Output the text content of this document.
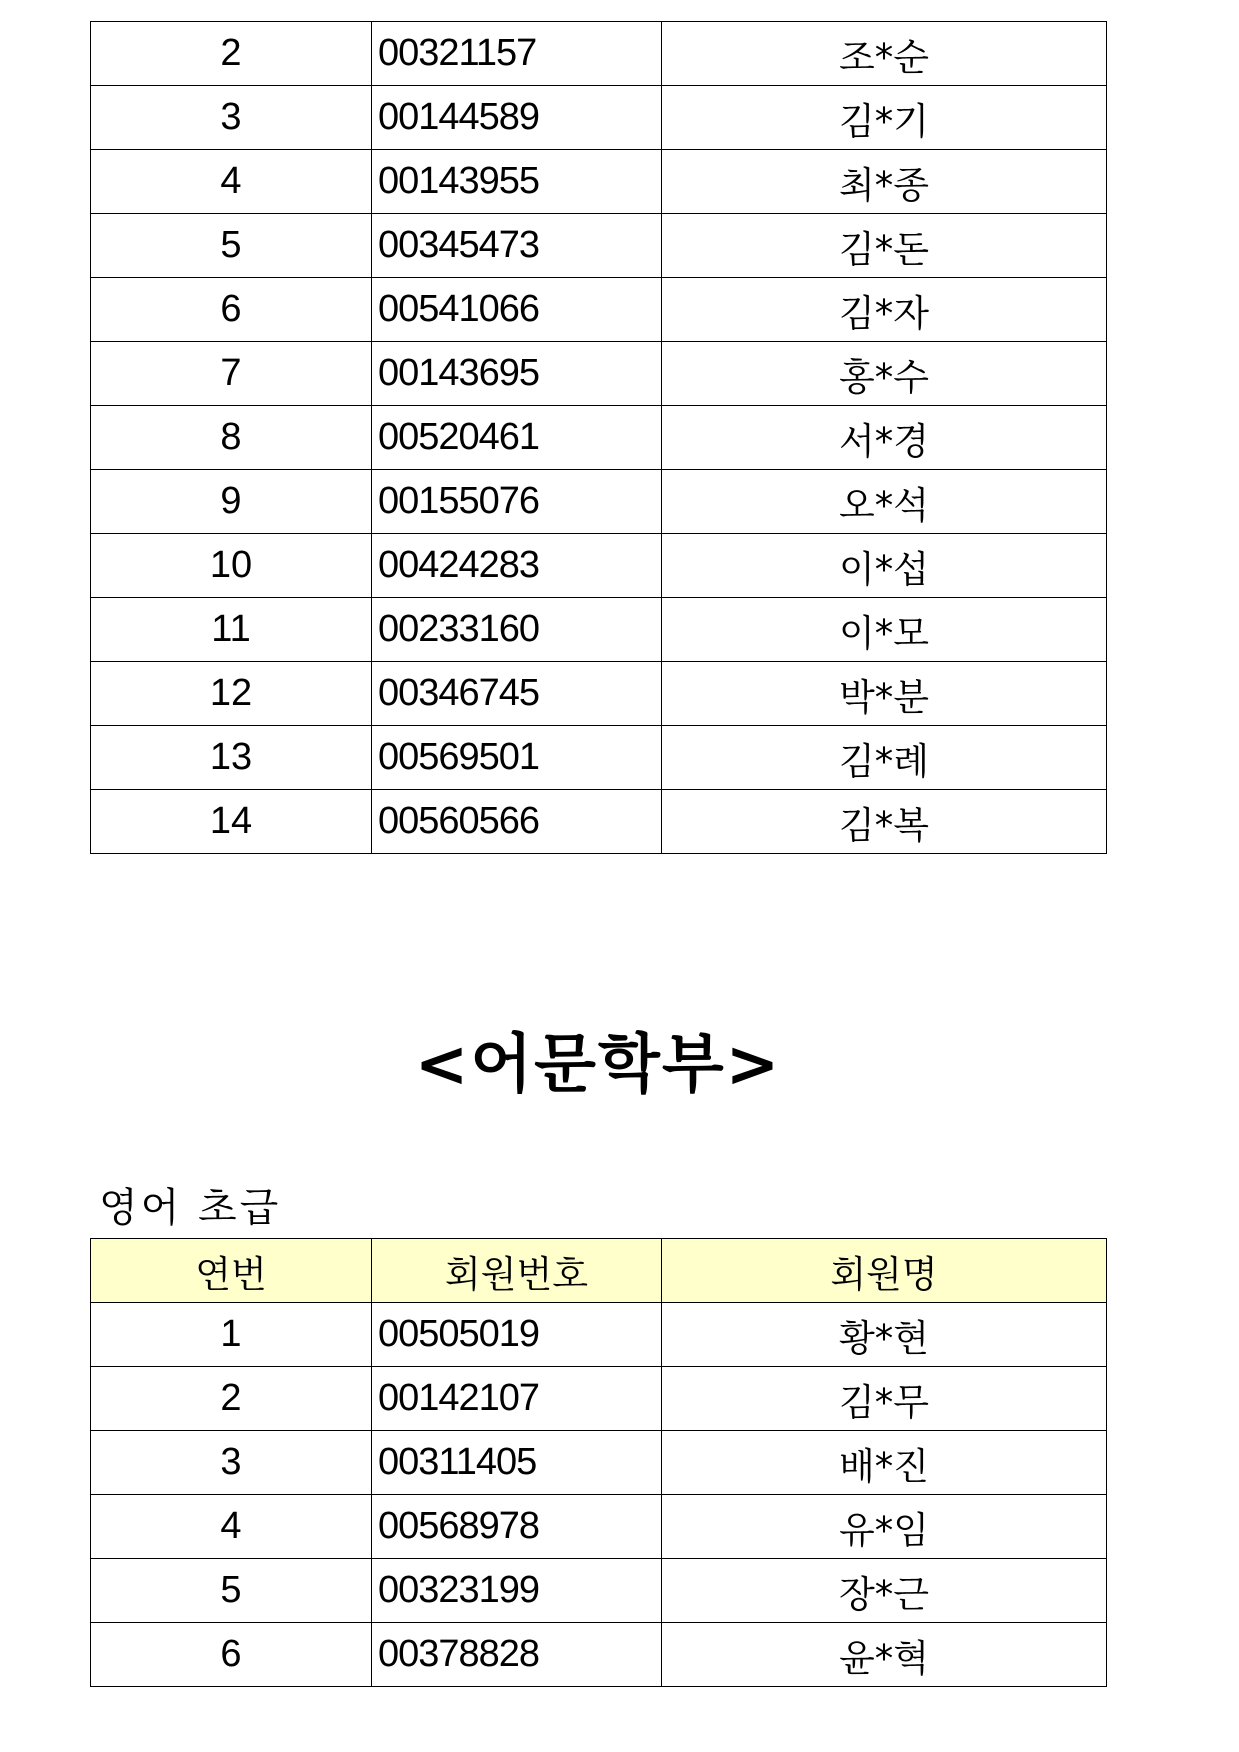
2	00321157	조*순
3	00144589	김*기
4	00143955	최*종
5	00345473	김*돈
6	00541066	김*자
7	00143695	홍*수
8	00520461	서*경
9	00155076	오*석
10	00424283	이*섭
11	00233160	이*모
12	00346745	박*분
13	00569501	김*례
14	00560566	김*복
<어문학부>
영어 초급
연번	회원번호	회원명
1	00505019	황*현
2	00142107	김*무
3	00311405	배*진
4	00568978	유*임
5	00323199	장*근
6	00378828	윤*혁
